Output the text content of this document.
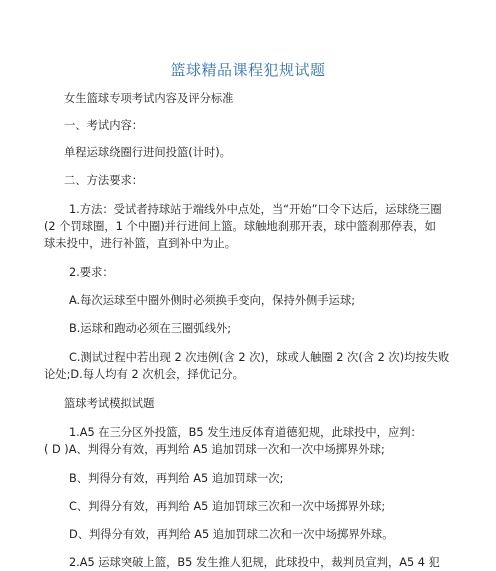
篮球精品课程犯规试题
女生篮球专项考试内容及评分标准
一、考试内容：
单程运球绕圈行进间投篮(计时)。
二、方法要求：
1.方法：受试者持球站于端线外中点处，当“开始”口令下达后，运球绕三圈
(2 个罚球圈，1 个中圈)并行进间上篮。球触地刹那开表，球中篮刹那停表，如
球未投中，进行补篮，直到补中为止。
2.要求：
A.每次运球至中圈外侧时必须换手变向，保持外侧手运球;
B.运球和跑动必须在三圈弧线外;
C.测试过程中若出现 2 次违例(含 2 次)，球或人触圈 2 次(含 2 次)均按失败
论处;D.每人均有 2 次机会，择优记分。
篮球考试模拟试题
1.A5 在三分区外投篮，B5 发生违反体育道德犯规，此球投中，应判：
( D )A、判得分有效，再判给 A5 追加罚球一次和一次中场掷界外球;
B、判得分有效，再判给 A5 追加罚球一次;
C、判得分有效，再判给 A5 追加罚球三次和一次中场掷界外球;
D、判得分有效，再判给 A5 追加罚球二次和一次中场掷界外球。
2.A5 运球突破上篮，B5 发生推人犯规，此球投中，裁判员宣判，A5 4 犯
